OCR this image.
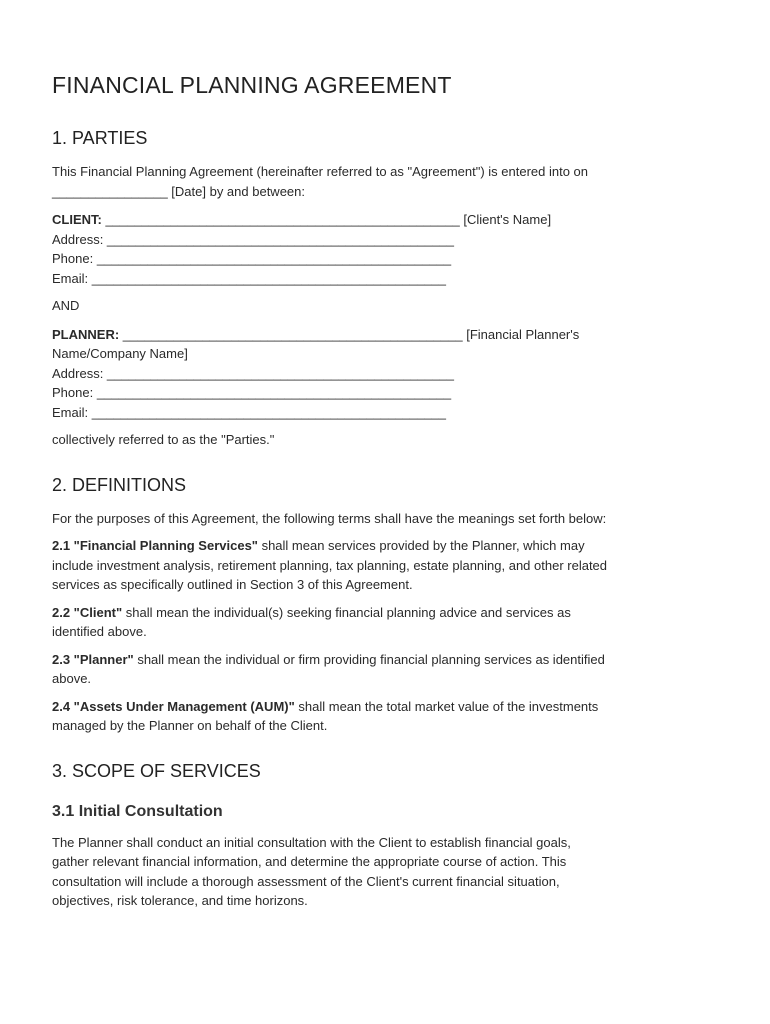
FINANCIAL PLANNING AGREEMENT
1. PARTIES
This Financial Planning Agreement (hereinafter referred to as "Agreement") is entered into on
________________ [Date] by and between:
CLIENT: _________________________________________________ [Client's Name]
Address: ________________________________________________
Phone: _________________________________________________
Email: _________________________________________________

AND

PLANNER: _______________________________________________ [Financial Planner's
Name/Company Name]
Address: ________________________________________________
Phone: _________________________________________________
Email: _________________________________________________

collectively referred to as the "Parties."

2. DEFINITIONS

For the purposes of this Agreement, the following terms shall have the meanings set forth below:

2.1 "Financial Planning Services" shall mean services provided by the Planner, which may
include investment analysis, retirement planning, tax planning, estate planning, and other related
services as specifically outlined in Section 3 of this Agreement.
2.2 "Client" shall mean the individual(s) seeking financial planning advice and services as
identified above.
2.3 "Planner" shall mean the individual or firm providing financial planning services as identified
above.
2.4 "Assets Under Management (AUM)" shall mean the total market value of the investments
managed by the Planner on behalf of the Client.
3. SCOPE OF SERVICES
3.1 Initial Consultation
The Planner shall conduct an initial consultation with the Client to establish financial goals,
gather relevant financial information, and determine the appropriate course of action. This
consultation will include a thorough assessment of the Client's current financial situation,
objectives, risk tolerance, and time horizons.
